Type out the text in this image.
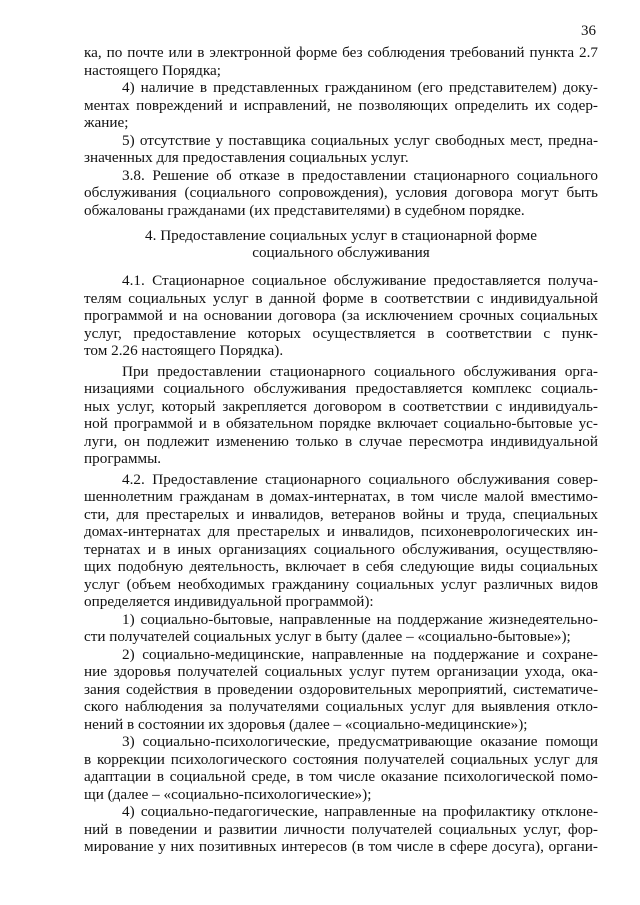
36

ка, по почте или в электронной форме без соблюдения требований пункта 2.7

настоящего Порядка;

4) наличие в представленных гражданином (его представителем) доку-

ментах повреждений и исправлений, не позволяющих определить их содер-

жание;

5) отсутствие у поставщика социальных услуг свободных мест, предна-

значенных для предоставления социальных услуг.

3.8. Решение об отказе в предоставлении стационарного социального

обслуживания (социального сопровождения), условия договора могут быть

обжалованы гражданами (их представителями) в судебном порядке.

4. Предоставление социальных услуг в стационарной форме
социального обслуживания

4.1. Стационарное социальное обслуживание предоставляется получа-

телям социальных услуг в данной форме в соответствии с индивидуальной

программой и на основании договора (за исключением срочных социальных

услуг, предоставление которых осуществляется в соответствии с пунк-

том 2.26 настоящего Порядка).

При предоставлении стационарного социального обслуживания орга-

низациями социального обслуживания предоставляется комплекс социаль-

ных услуг, который закрепляется договором в соответствии с индивидуаль-

ной программой и в обязательном порядке включает социально-бытовые ус-

луги, он подлежит изменению только в случае пересмотра индивидуальной

программы.

4.2. Предоставление стационарного социального обслуживания совер-

шеннолетним гражданам в домах-интернатах, в том числе малой вместимо-

сти, для престарелых и инвалидов, ветеранов войны и труда, специальных

домах-интернатах для престарелых и инвалидов, психоневрологических ин-

тернатах и в иных организациях социального обслуживания, осуществляю-

щих подобную деятельность, включает в себя следующие виды социальных

услуг (объем необходимых гражданину социальных услуг различных видов

определяется индивидуальной программой):

1) социально-бытовые, направленные на поддержание жизнедеятельно-

сти получателей социальных услуг в быту (далее – «социально-бытовые»);

2) социально-медицинские, направленные на поддержание и сохране-

ние здоровья получателей социальных услуг путем организации ухода, ока-

зания содействия в проведении оздоровительных мероприятий, систематиче-

ского наблюдения за получателями социальных услуг для выявления откло-

нений в состоянии их здоровья (далее – «социально-медицинские»);

3) социально-психологические, предусматривающие оказание помощи

в коррекции психологического состояния получателей социальных услуг для

адаптации в социальной среде, в том числе оказание психологической помо-

щи (далее – «социально-психологические»);

4) социально-педагогические, направленные на профилактику отклоне-

ний в поведении и развитии личности получателей социальных услуг, фор-

мирование у них позитивных интересов (в том числе в сфере досуга), органи-
